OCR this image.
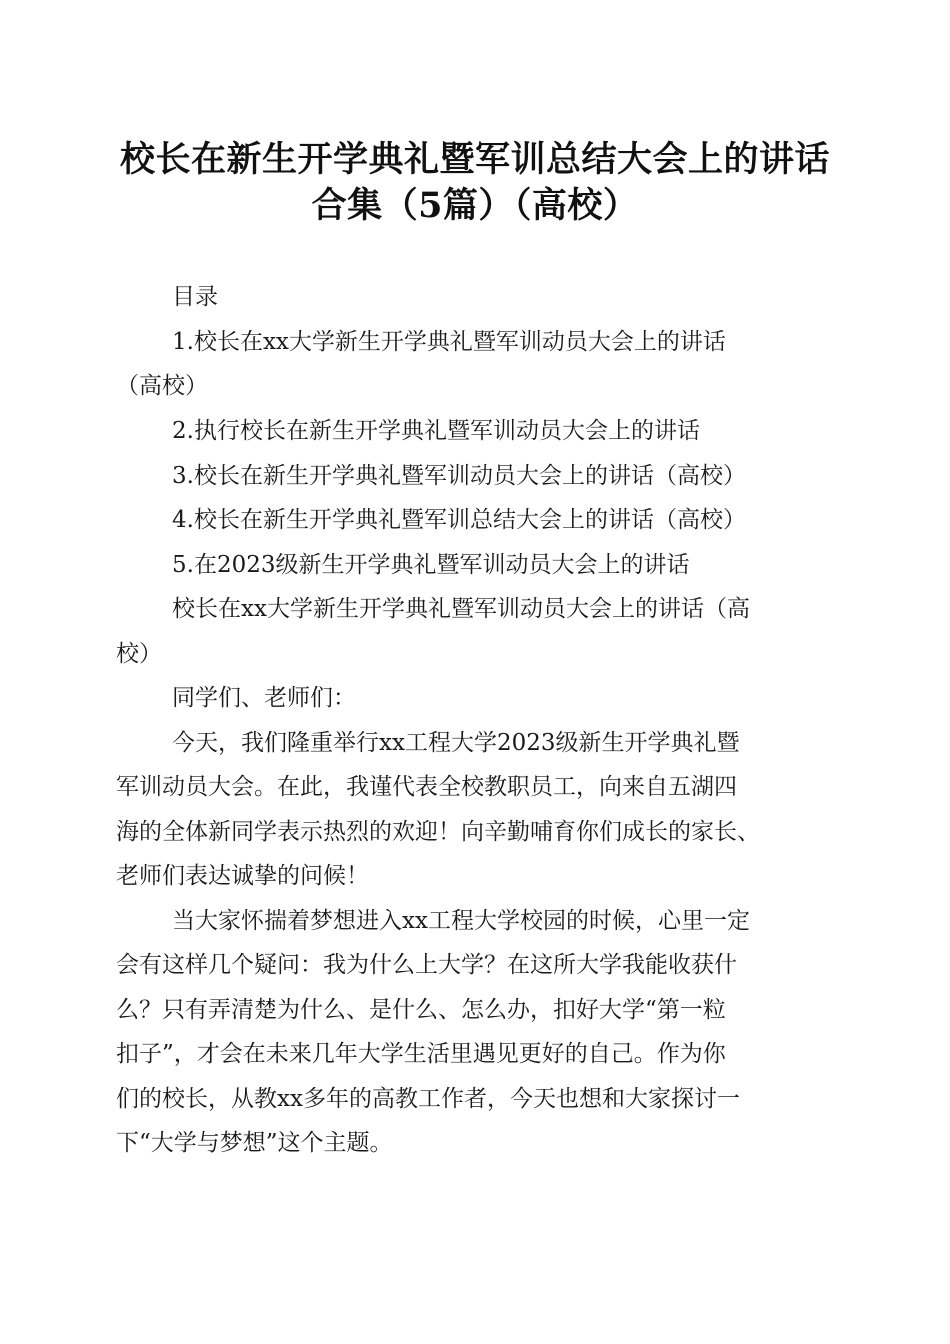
校长在新生开学典礼暨军训总结大会上的讲话
合集（5篇）（高校）
目录
1.校长在xx大学新生开学典礼暨军训动员大会上的讲话
（高校）
2.执行校长在新生开学典礼暨军训动员大会上的讲话
3.校长在新生开学典礼暨军训动员大会上的讲话（高校）
4.校长在新生开学典礼暨军训总结大会上的讲话（高校）
5.在2023级新生开学典礼暨军训动员大会上的讲话
校长在xx大学新生开学典礼暨军训动员大会上的讲话（高
校）
同学们、老师们：
今天，我们隆重举行xx工程大学2023级新生开学典礼暨
军训动员大会。在此，我谨代表全校教职员工，向来自五湖四
海的全体新同学表示热烈的欢迎！向辛勤哺育你们成长的家长、
老师们表达诚挚的问候！
当大家怀揣着梦想进入xx工程大学校园的时候，心里一定
会有这样几个疑问：我为什么上大学？在这所大学我能收获什
么？只有弄清楚为什么、是什么、怎么办，扣好大学“第一粒
扣子”，才会在未来几年大学生活里遇见更好的自己。作为你
们的校长，从教xx多年的高教工作者，今天也想和大家探讨一
下“大学与梦想”这个主题。
